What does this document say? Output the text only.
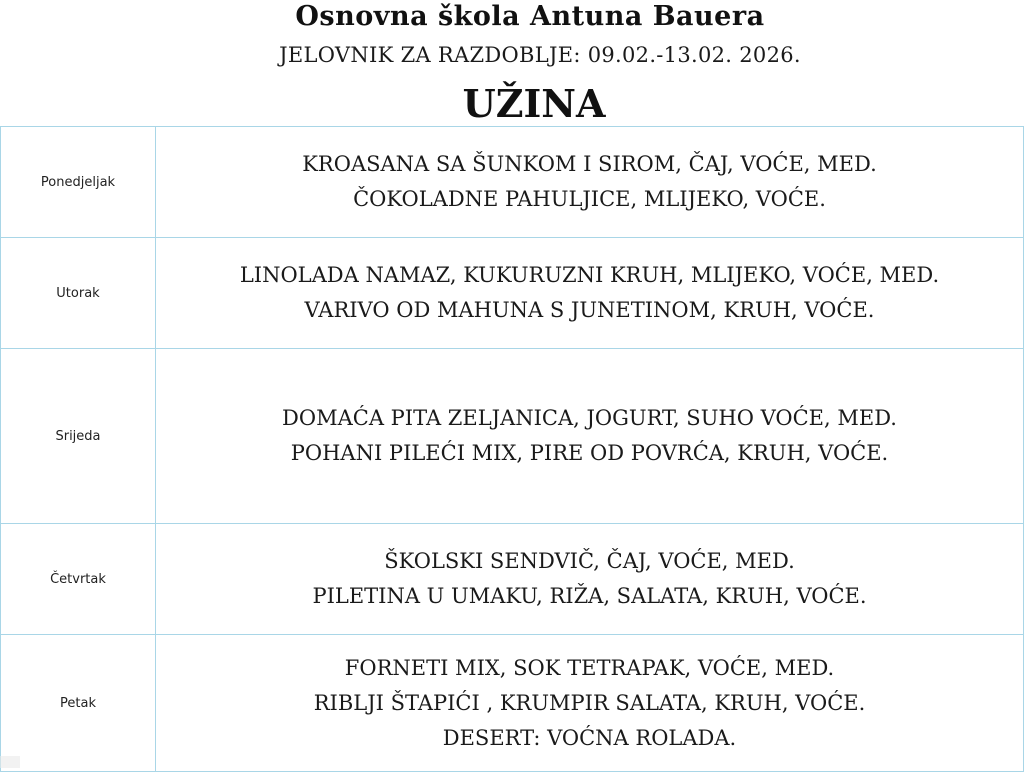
Osnovna škola Antuna Bauera
JELOVNIK ZA RAZDOBLJE: 09.02.-13.02. 2026.
UŽINA
Ponedjeljak	KROASANA SA ŠUNKOM I SIROM, ČAJ, VOĆE, MED.
ČOKOLADNE PAHULJICE, MLIJEKO, VOĆE.

Utorak	LINOLADA NAMAZ, KUKURUZNI KRUH, MLIJEKO, VOĆE, MED.
VARIVO OD MAHUNA S JUNETINOM, KRUH, VOĆE.

Srijeda	DOMAĆA PITA ZELJANICA, JOGURT, SUHO VOĆE, MED.
POHANI PILEĆI MIX, PIRE OD POVRĆA, KRUH, VOĆE.

Četvrtak	ŠKOLSKI SENDVIČ, ČAJ, VOĆE, MED.
PILETINA U UMAKU, RIŽA, SALATA, KRUH, VOĆE.

Petak	FORNETI MIX, SOK TETRAPAK, VOĆE, MED.
RIBLJI ŠTAPIĆI , KRUMPIR SALATA, KRUH, VOĆE.
DESERT: VOĆNA ROLADA.
